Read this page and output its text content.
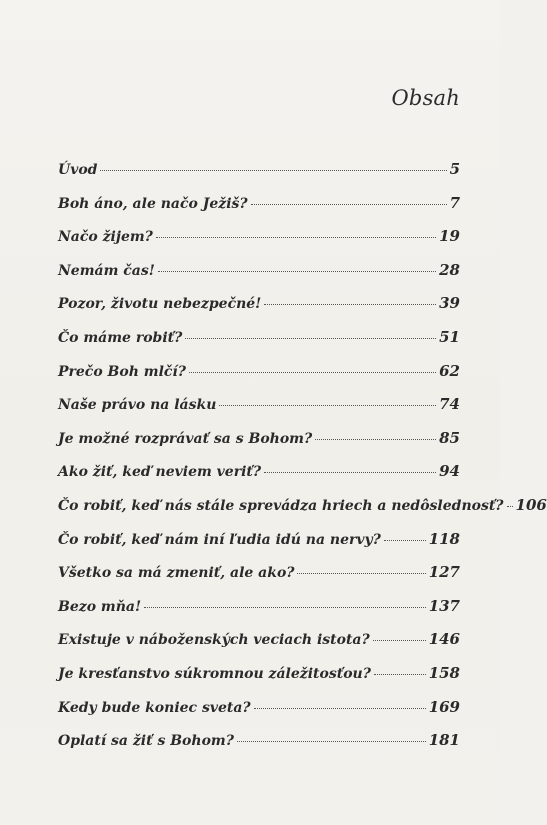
Obsah
Úvod	5
Boh áno, ale načo Ježiš?	7
Načo žijem?	19
Nemám čas!	28
Pozor, životu nebezpečné!	39
Čo máme robiť?	51
Prečo Boh mlčí?	62
Naše právo na lásku	74
Je možné rozprávať sa s Bohom?	85
Ako žiť, keď neviem veriť?	94
Čo robiť, keď nás stále sprevádza hriech a nedôslednosť? 106
Čo robiť, keď nám iní ľudia idú na nervy?	118
Všetko sa má zmeniť, ale ako?	127
Bezo mňa!	137
Existuje v náboženských veciach istota?	146
Je kresťanstvo súkromnou záležitosťou?	158
Kedy bude koniec sveta?	169
Oplatí sa žiť s Bohom?	181
